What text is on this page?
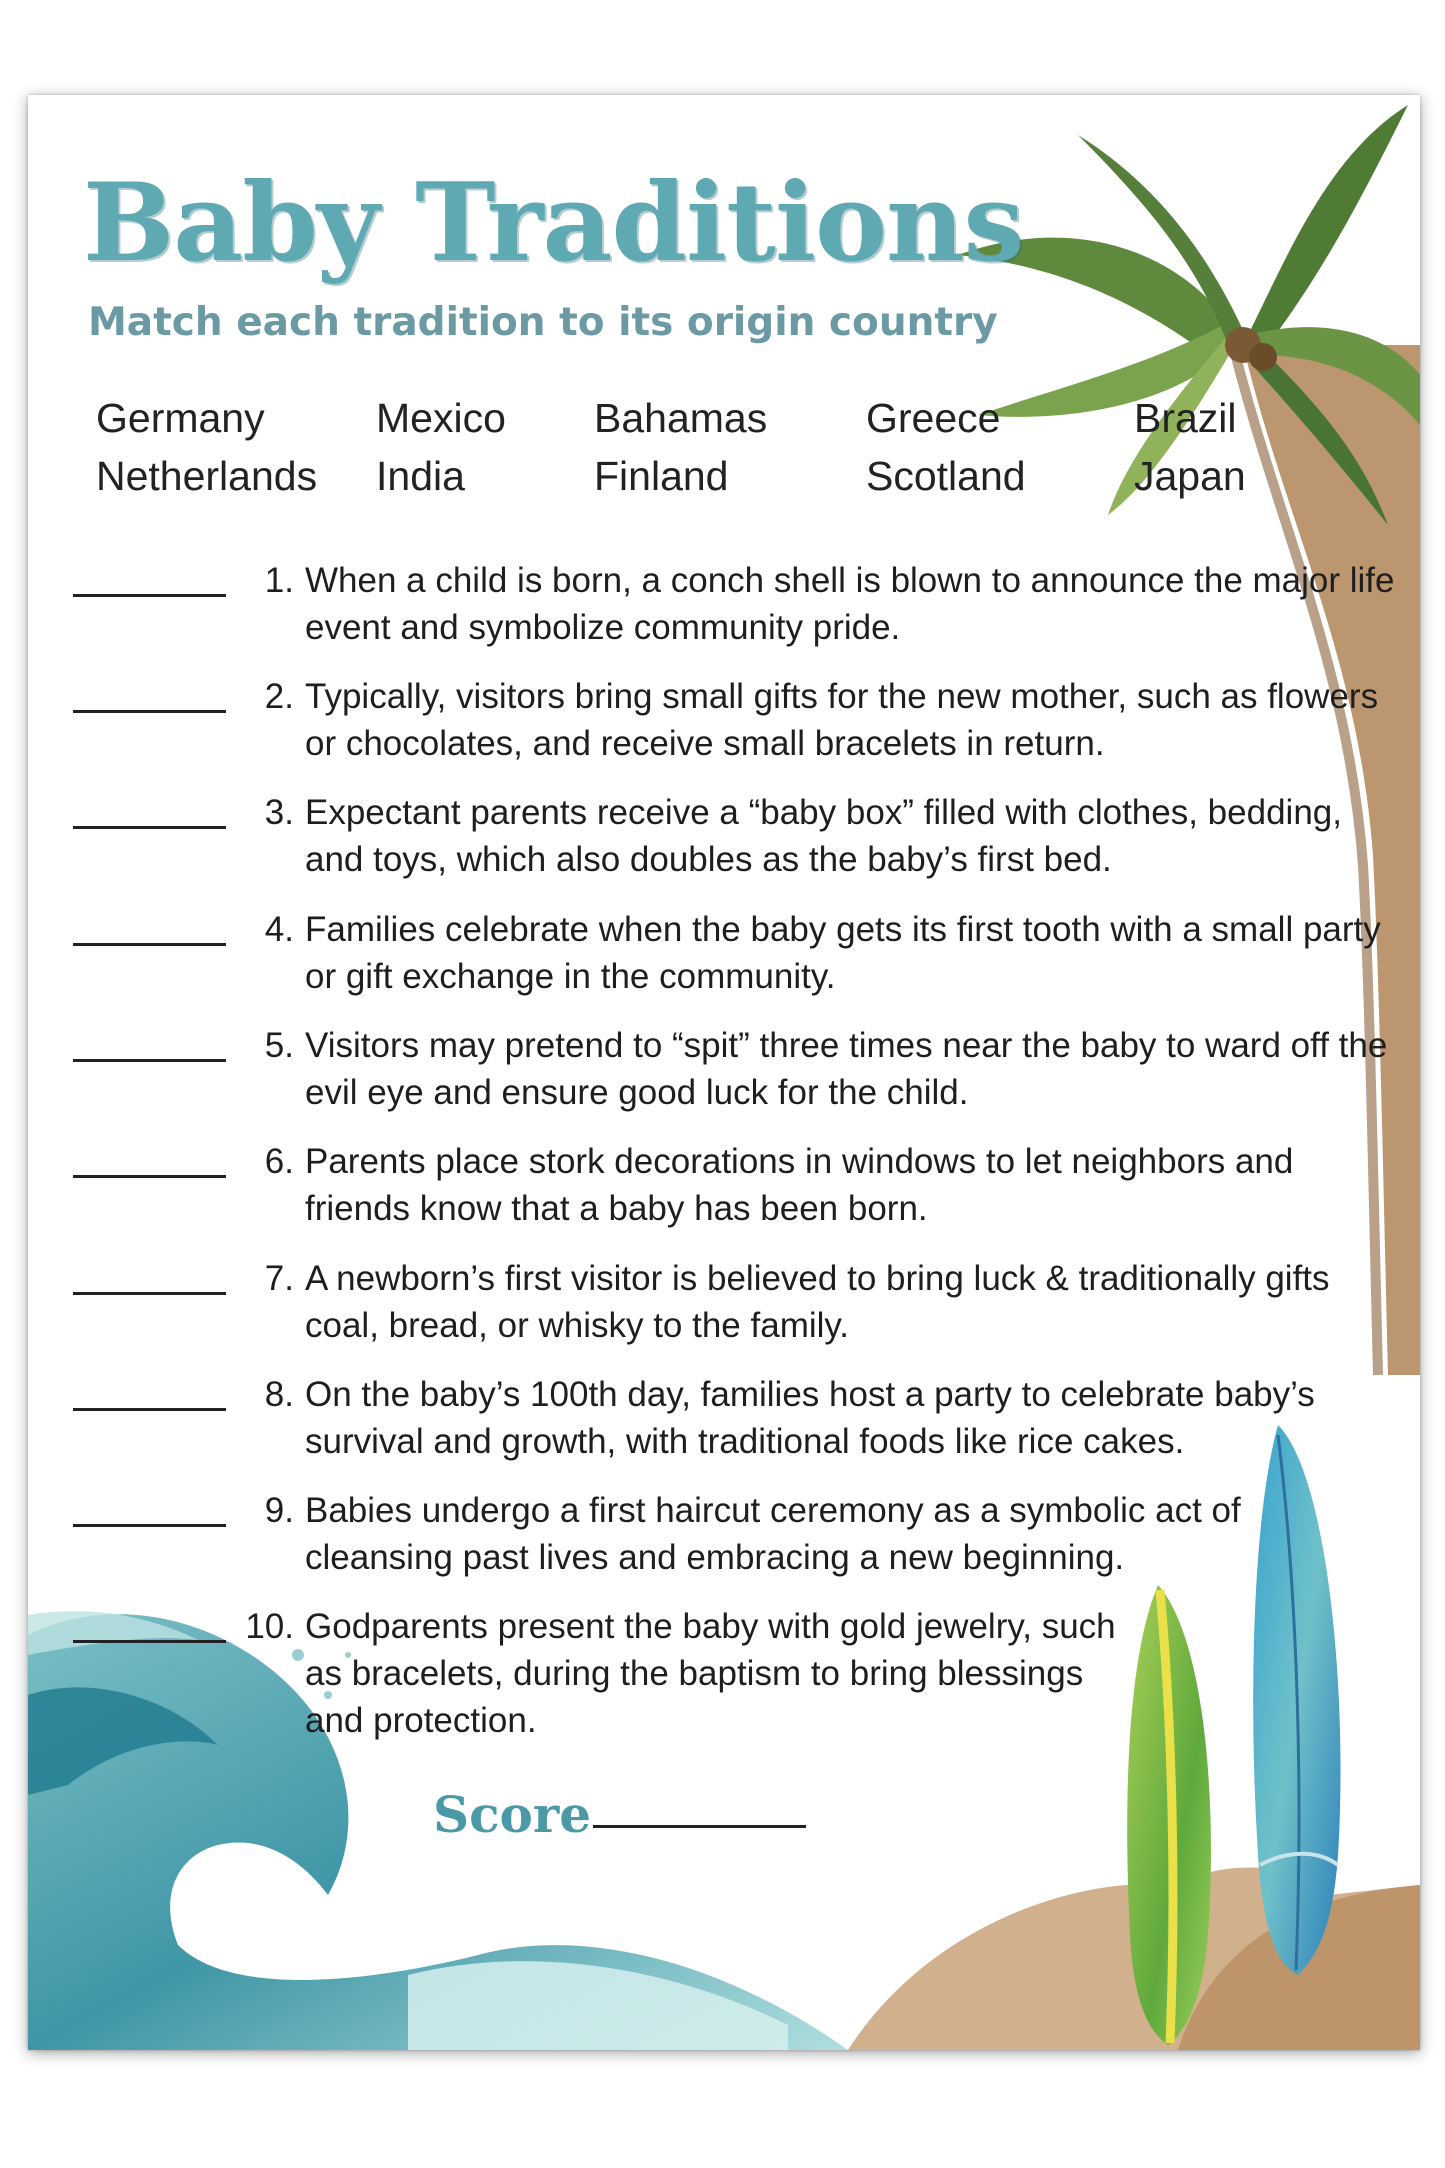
Baby Traditions

Match each tradition to its origin country

Germany	Mexico	Bahamas	Greece	Brazil
Netherlands	India	Finland	Scotland	Japan
1. When a child is born, a conch shell is blown to announce the major life event and symbolize community pride.
2. Typically, visitors bring small gifts for the new mother, such as flowers or chocolates, and receive small bracelets in return.
3. Expectant parents receive a “baby box” filled with clothes, bedding, and toys, which also doubles as the baby’s first bed.
4. Families celebrate when the baby gets its first tooth with a small party or gift exchange in the community.
5. Visitors may pretend to “spit” three times near the baby to ward off the evil eye and ensure good luck for the child.
6. Parents place stork decorations in windows to let neighbors and friends know that a baby has been born.
7. A newborn’s first visitor is believed to bring luck & traditionally gifts coal, bread, or whisky to the family.
8. On the baby’s 100th day, families host a party to celebrate baby’s survival and growth, with traditional foods like rice cakes.
9. Babies undergo a first haircut ceremony as a symbolic act of cleansing past lives and embracing a new beginning.
10. Godparents present the baby with gold jewelry, such as bracelets, during the baptism to bring blessings and protection.
Score
